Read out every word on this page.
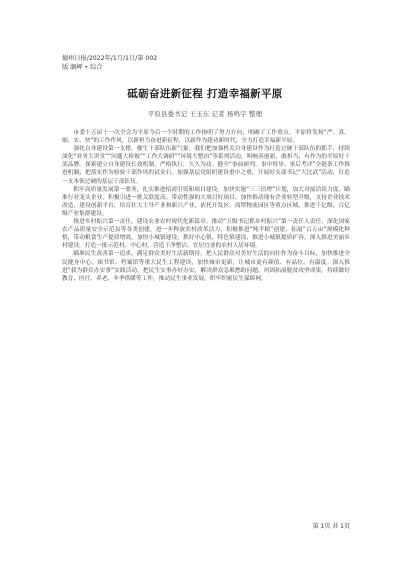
德州日报/2022年/1月/1日/第 002
版 潮岬 • 综合
砥砺奋进新征程 打造幸福新平原
平原县委书记 王玉东 记者 杨鸣宇 整理

市委十五届十一次全会为平原今后一个时期的工作指明了努力方向，明确了工作重点。平原将发扬“严、真、细、实、快”的工作作风，以新担当奋进新征程，以新作为建功新时代，全力打造幸福新平原。

强化自身建设第一支撑，催生干部队伍新气象。我们把加强机关自身建设作为打造过硬干部队伍的抓手，持续深化“业务大讲堂”“问题大检视”“工作大调研”“环境大整治”等系列活动，叫响善创新、敢担当、有作为的平原好干部品牌。探索建立自身建设长效机制，严格执行，久久为功。健全“事前研判、事中督导、事后考评”全链条工作推进机制，把落实作为检验干部作风的试金石。加强基层党组织建设重中之重，开展好支部书记“大比武”活动，打造一支本领过硬的基层干部队伍。

抓牢高质量发展第一要务，扎实推进招商引资和项目建设。加快实施“三三倍增”计划，加大对接洽谈力度，瞄准行业龙头企业，积极引进一批关联度高、带动性强的大项目好项目。加快推动现有企业转型升级，支持企业技术改造，建设创新平台，培育壮大主导产业和新兴产业，依托开发区、商贸物流园区等重点区域，推进千亿级、百亿级产业集群建设。

推进乡村振兴第一责任，建设农业农村现代化新篇章。推动“五级书记抓乡村振兴”第一责任人责任，深化国家农产品质量安全示范县等各类创建，进一步释放农村改革活力，积极推进“吨半粮”创建，拓展“百万亩”规模化种植，带动粮食生产提质增效。加快小城镇建设，抓好中心镇、特色镇建设，推进小城镇提质扩容。深入推进美丽乡村建设，打造一批示范村、中心村，营造干净整洁、宜居宜业的农村人居环境。

瞄准民生改善第一追求，满足群众美好生活新期待。把人民群众对美好生活的向往作为奋斗目标，加快推进全民健身中心、图书馆、档案馆等重大民生工程建设，加快城市更新，让城市更有颜值、有品位、有温度。深入推进“我为群众办实事”实践活动，把民生实事办好办实，解决群众急难愁盼问题，巩固拓展脱贫攻坚成果，持续做好教育、医疗、养老、冬季供暖等工作，推动民生事业发展，织牢织密民生保障网。

第 1页 共 1页
